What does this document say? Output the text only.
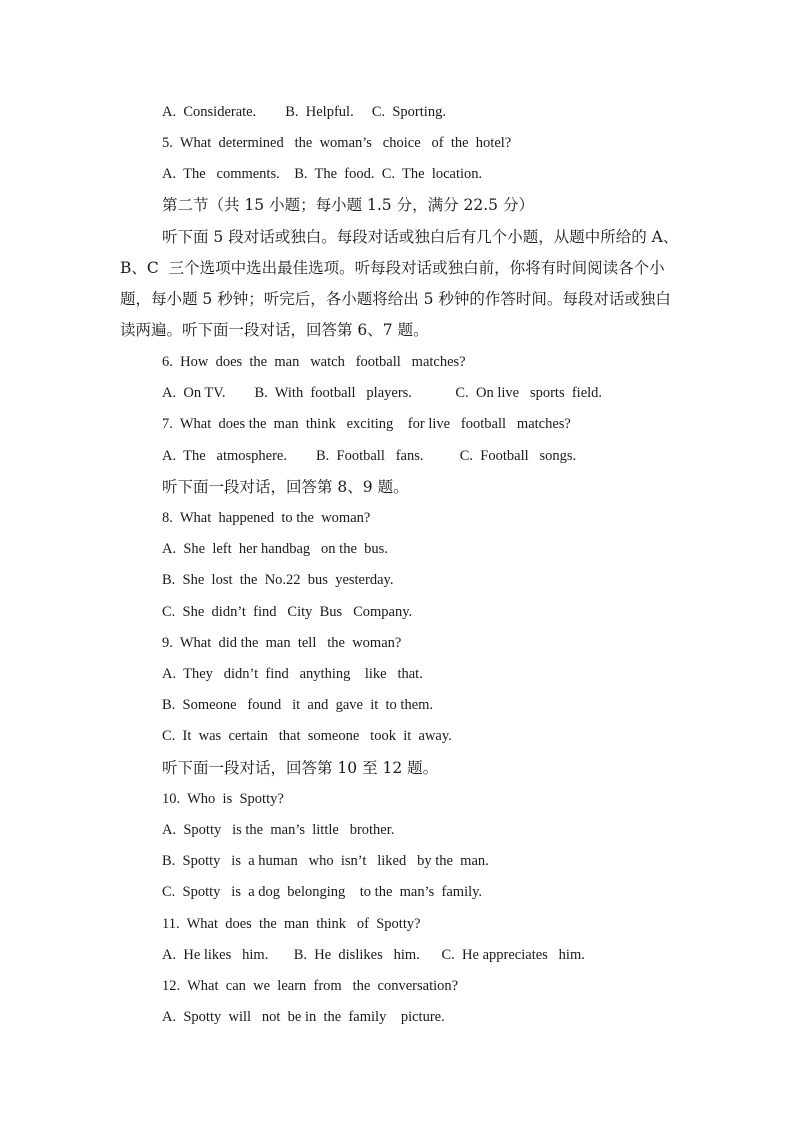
A.  Considerate.        B.  Helpful.     C.  Sporting.
5.  What  determined   the  woman’s   choice   of  the  hotel?
A.  The   comments.    B.  The  food.  C.  The  location.
第二节（共 15 小题；每小题 1.5 分，满分 22.5 分）
听下面 5 段对话或独白。每段对话或独白后有几个小题，从题中所给的 A、
B、C  三个选项中选出最佳选项。听每段对话或独白前，你将有时间阅读各个小
题，每小题 5 秒钟；听完后，各小题将给出 5 秒钟的作答时间。每段对话或独白
读两遍。听下面一段对话，回答第 6、7 题。
6.  How  does  the  man   watch   football   matches?
A.  On TV.        B.  With  football   players.            C.  On live   sports  field.
7.  What  does the  man  think   exciting    for live   football   matches?
A.  The   atmosphere.        B.  Football   fans.          C.  Football   songs.
听下面一段对话，回答第 8、9 题。
8.  What  happened  to the  woman?
A.  She  left  her handbag   on the  bus.
B.  She  lost  the  No.22  bus  yesterday.
C.  She  didn’t  find   City  Bus   Company.
9.  What  did the  man  tell   the  woman?
A.  They   didn’t  find   anything    like   that.
B.  Someone   found   it  and  gave  it  to them.
C.  It  was  certain   that  someone   took  it  away.
听下面一段对话，回答第 10 至 12 题。
10.  Who  is  Spotty?
A.  Spotty   is the  man’s  little   brother.
B.  Spotty   is  a human   who  isn’t   liked   by the  man.
C.  Spotty   is  a dog  belonging    to the  man’s  family.
11.  What  does  the  man  think   of  Spotty?
A.  He likes   him.       B.  He  dislikes   him.      C.  He appreciates   him.
12.  What  can  we  learn  from   the  conversation?
A.  Spotty  will   not  be in  the  family    picture.
